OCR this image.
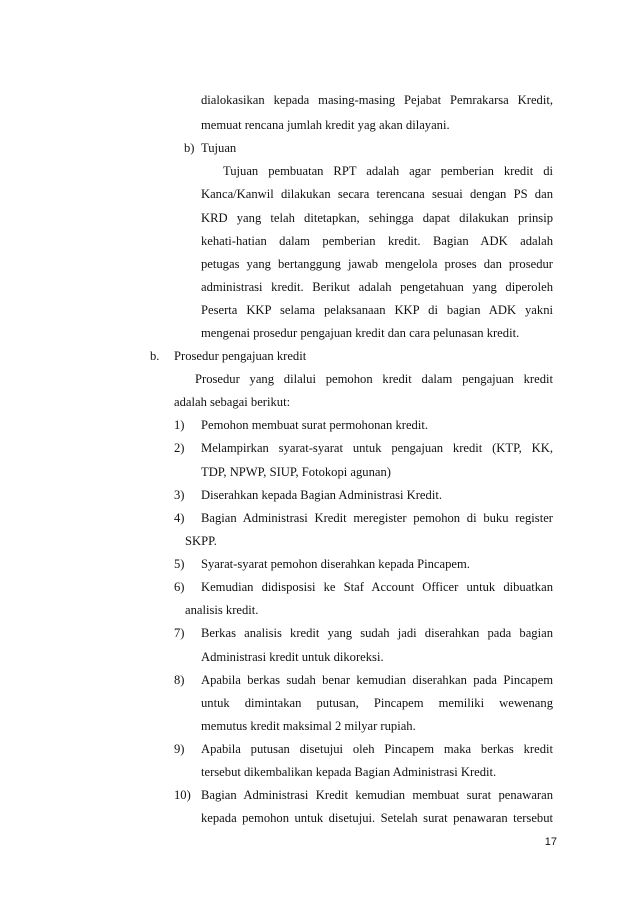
dialokasikan kepada masing-masing Pejabat Pemrakarsa Kredit,
memuat rencana jumlah kredit yag akan dilayani.
b) Tujuan
Tujuan pembuatan RPT adalah agar pemberian kredit di
Kanca/Kanwil dilakukan secara terencana sesuai dengan PS dan
KRD yang telah ditetapkan, sehingga dapat dilakukan prinsip
kehati-hatian dalam pemberian kredit. Bagian ADK adalah
petugas yang bertanggung jawab mengelola proses dan prosedur
administrasi kredit. Berikut adalah pengetahuan yang diperoleh
Peserta KKP selama pelaksanaan KKP di bagian ADK yakni
mengenai prosedur pengajuan kredit dan cara pelunasan kredit.
b. Prosedur pengajuan kredit
Prosedur yang dilalui pemohon kredit dalam pengajuan kredit
adalah sebagai berikut:
1) Pemohon membuat surat permohonan kredit.
2) Melampirkan syarat-syarat untuk pengajuan kredit (KTP, KK,
TDP, NPWP, SIUP, Fotokopi agunan)
3) Diserahkan kepada Bagian Administrasi Kredit.
4) Bagian Administrasi Kredit meregister pemohon di buku register
SKPP.
5) Syarat-syarat pemohon diserahkan kepada Pincapem.
6) Kemudian didisposisi ke Staf Account Officer untuk dibuatkan
analisis kredit.
7) Berkas analisis kredit yang sudah jadi diserahkan pada bagian
Administrasi kredit untuk dikoreksi.
8) Apabila berkas sudah benar kemudian diserahkan pada Pincapem
untuk dimintakan putusan, Pincapem memiliki wewenang
memutus kredit maksimal 2 milyar rupiah.
9) Apabila putusan disetujui oleh Pincapem maka berkas kredit
tersebut dikembalikan kepada Bagian Administrasi Kredit.
10) Bagian Administrasi Kredit kemudian membuat surat penawaran
kepada pemohon untuk disetujui. Setelah surat penawaran tersebut
17
